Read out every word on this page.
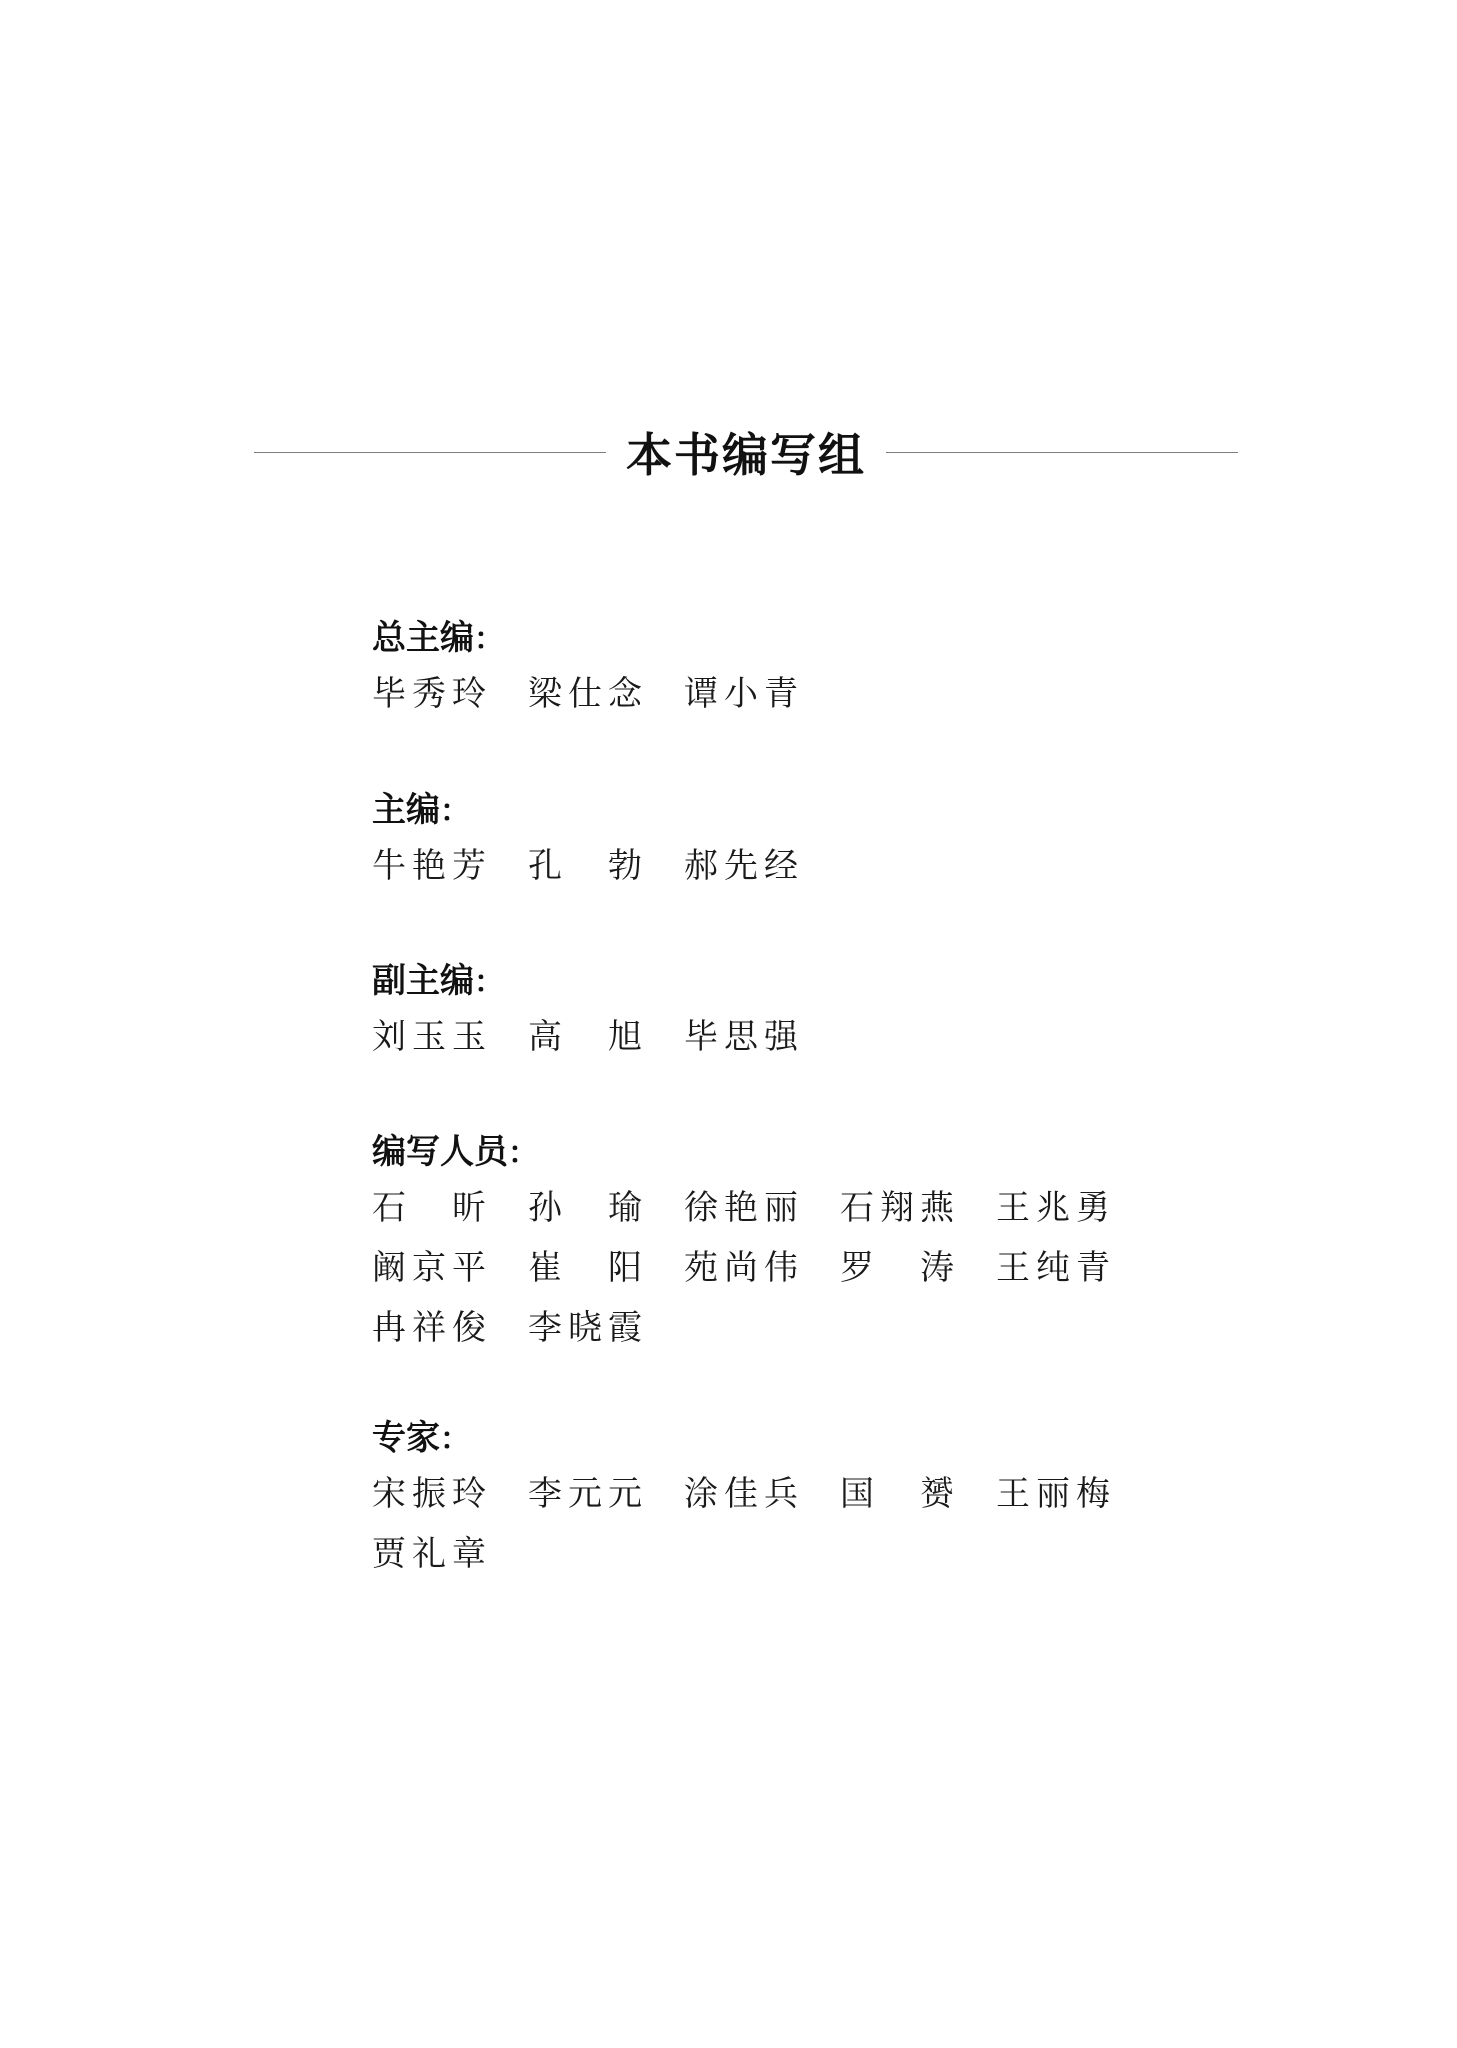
本书编写组
总主编：
毕 秀 玲 梁 仕 念 谭 小 青
主编：
牛 艳 芳 孔
勃 郝 先 经
副主编：
刘 玉 玉 高
旭 毕 思 强
编写人员：
石
昕 孙
瑜 徐 艳 丽 石 翔 燕 王 兆 勇
阚 京 平 崔
阳 苑 尚 伟 罗
涛 王 纯 青
冉 祥 俊 李 晓 霞
专家：
宋 振 玲 李 元 元 涂 佳 兵 国
赟 王 丽 梅
贾 礼 章
